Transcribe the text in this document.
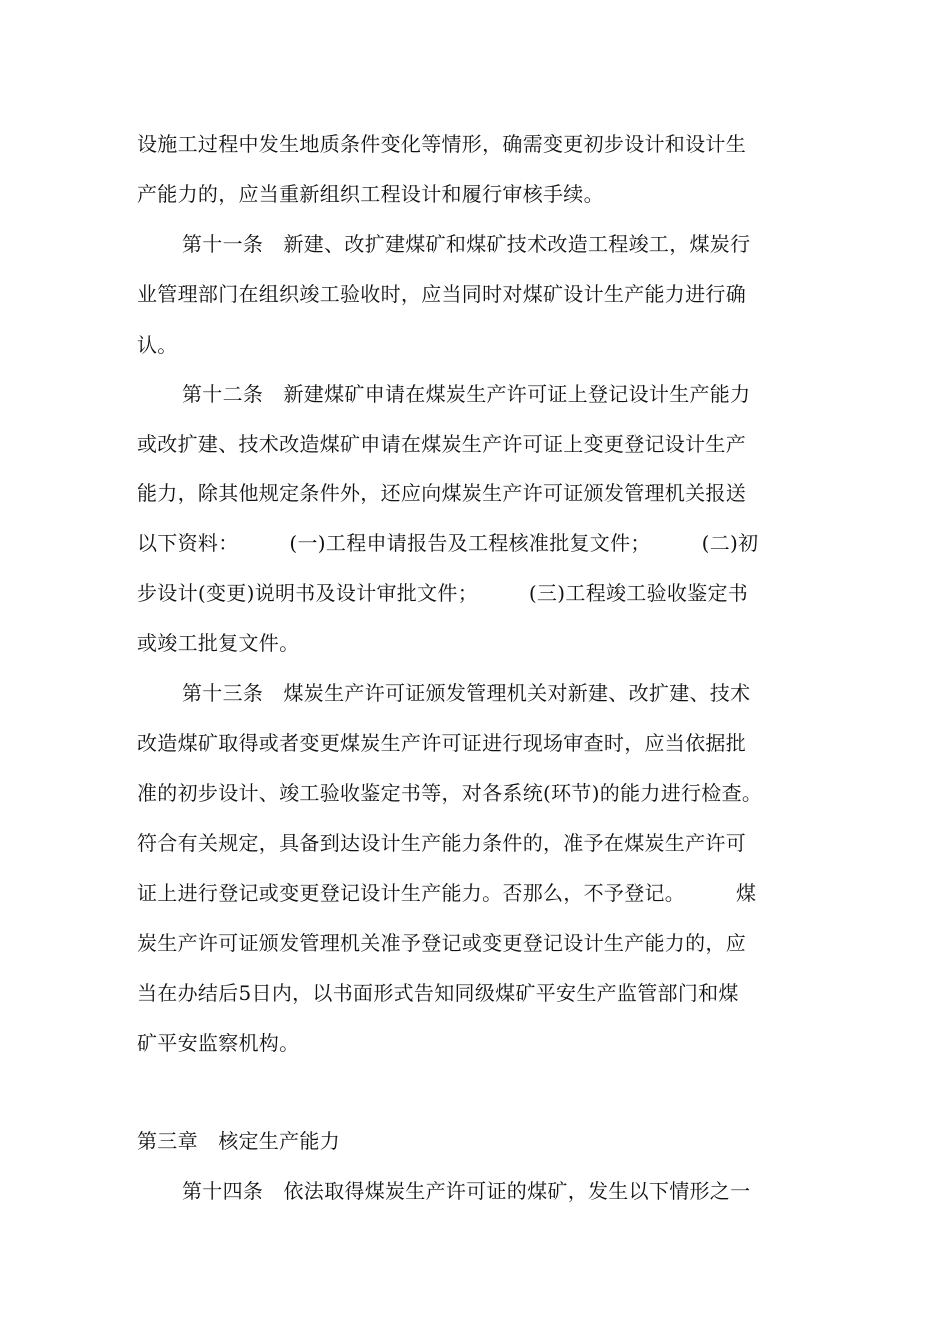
设施工过程中发生地质条件变化等情形，确需变更初步设计和设计生
产能力的，应当重新组织工程设计和履行审核手续。
第十一条　新建、改扩建煤矿和煤矿技术改造工程竣工，煤炭行
业管理部门在组织竣工验收时，应当同时对煤矿设计生产能力进行确
认。
第十二条　新建煤矿申请在煤炭生产许可证上登记设计生产能力
或改扩建、技术改造煤矿申请在煤炭生产许可证上变更登记设计生产
能力，除其他规定条件外，还应向煤炭生产许可证颁发管理机关报送
以下资料：　　　(一)工程申请报告及工程核准批复文件；　　　(二)初
步设计(变更)说明书及设计审批文件；　　　(三)工程竣工验收鉴定书
或竣工批复文件。
第十三条　煤炭生产许可证颁发管理机关对新建、改扩建、技术
改造煤矿取得或者变更煤炭生产许可证进行现场审查时，应当依据批
准的初步设计、竣工验收鉴定书等，对各系统(环节)的能力进行检查。
符合有关规定，具备到达设计生产能力条件的，准予在煤炭生产许可
证上进行登记或变更登记设计生产能力。否那么，不予登记。　　　煤
炭生产许可证颁发管理机关准予登记或变更登记设计生产能力的，应
当在办结后5日内，以书面形式告知同级煤矿平安生产监管部门和煤
矿平安监察机构。
第三章　核定生产能力
第十四条　依法取得煤炭生产许可证的煤矿，发生以下情形之一
